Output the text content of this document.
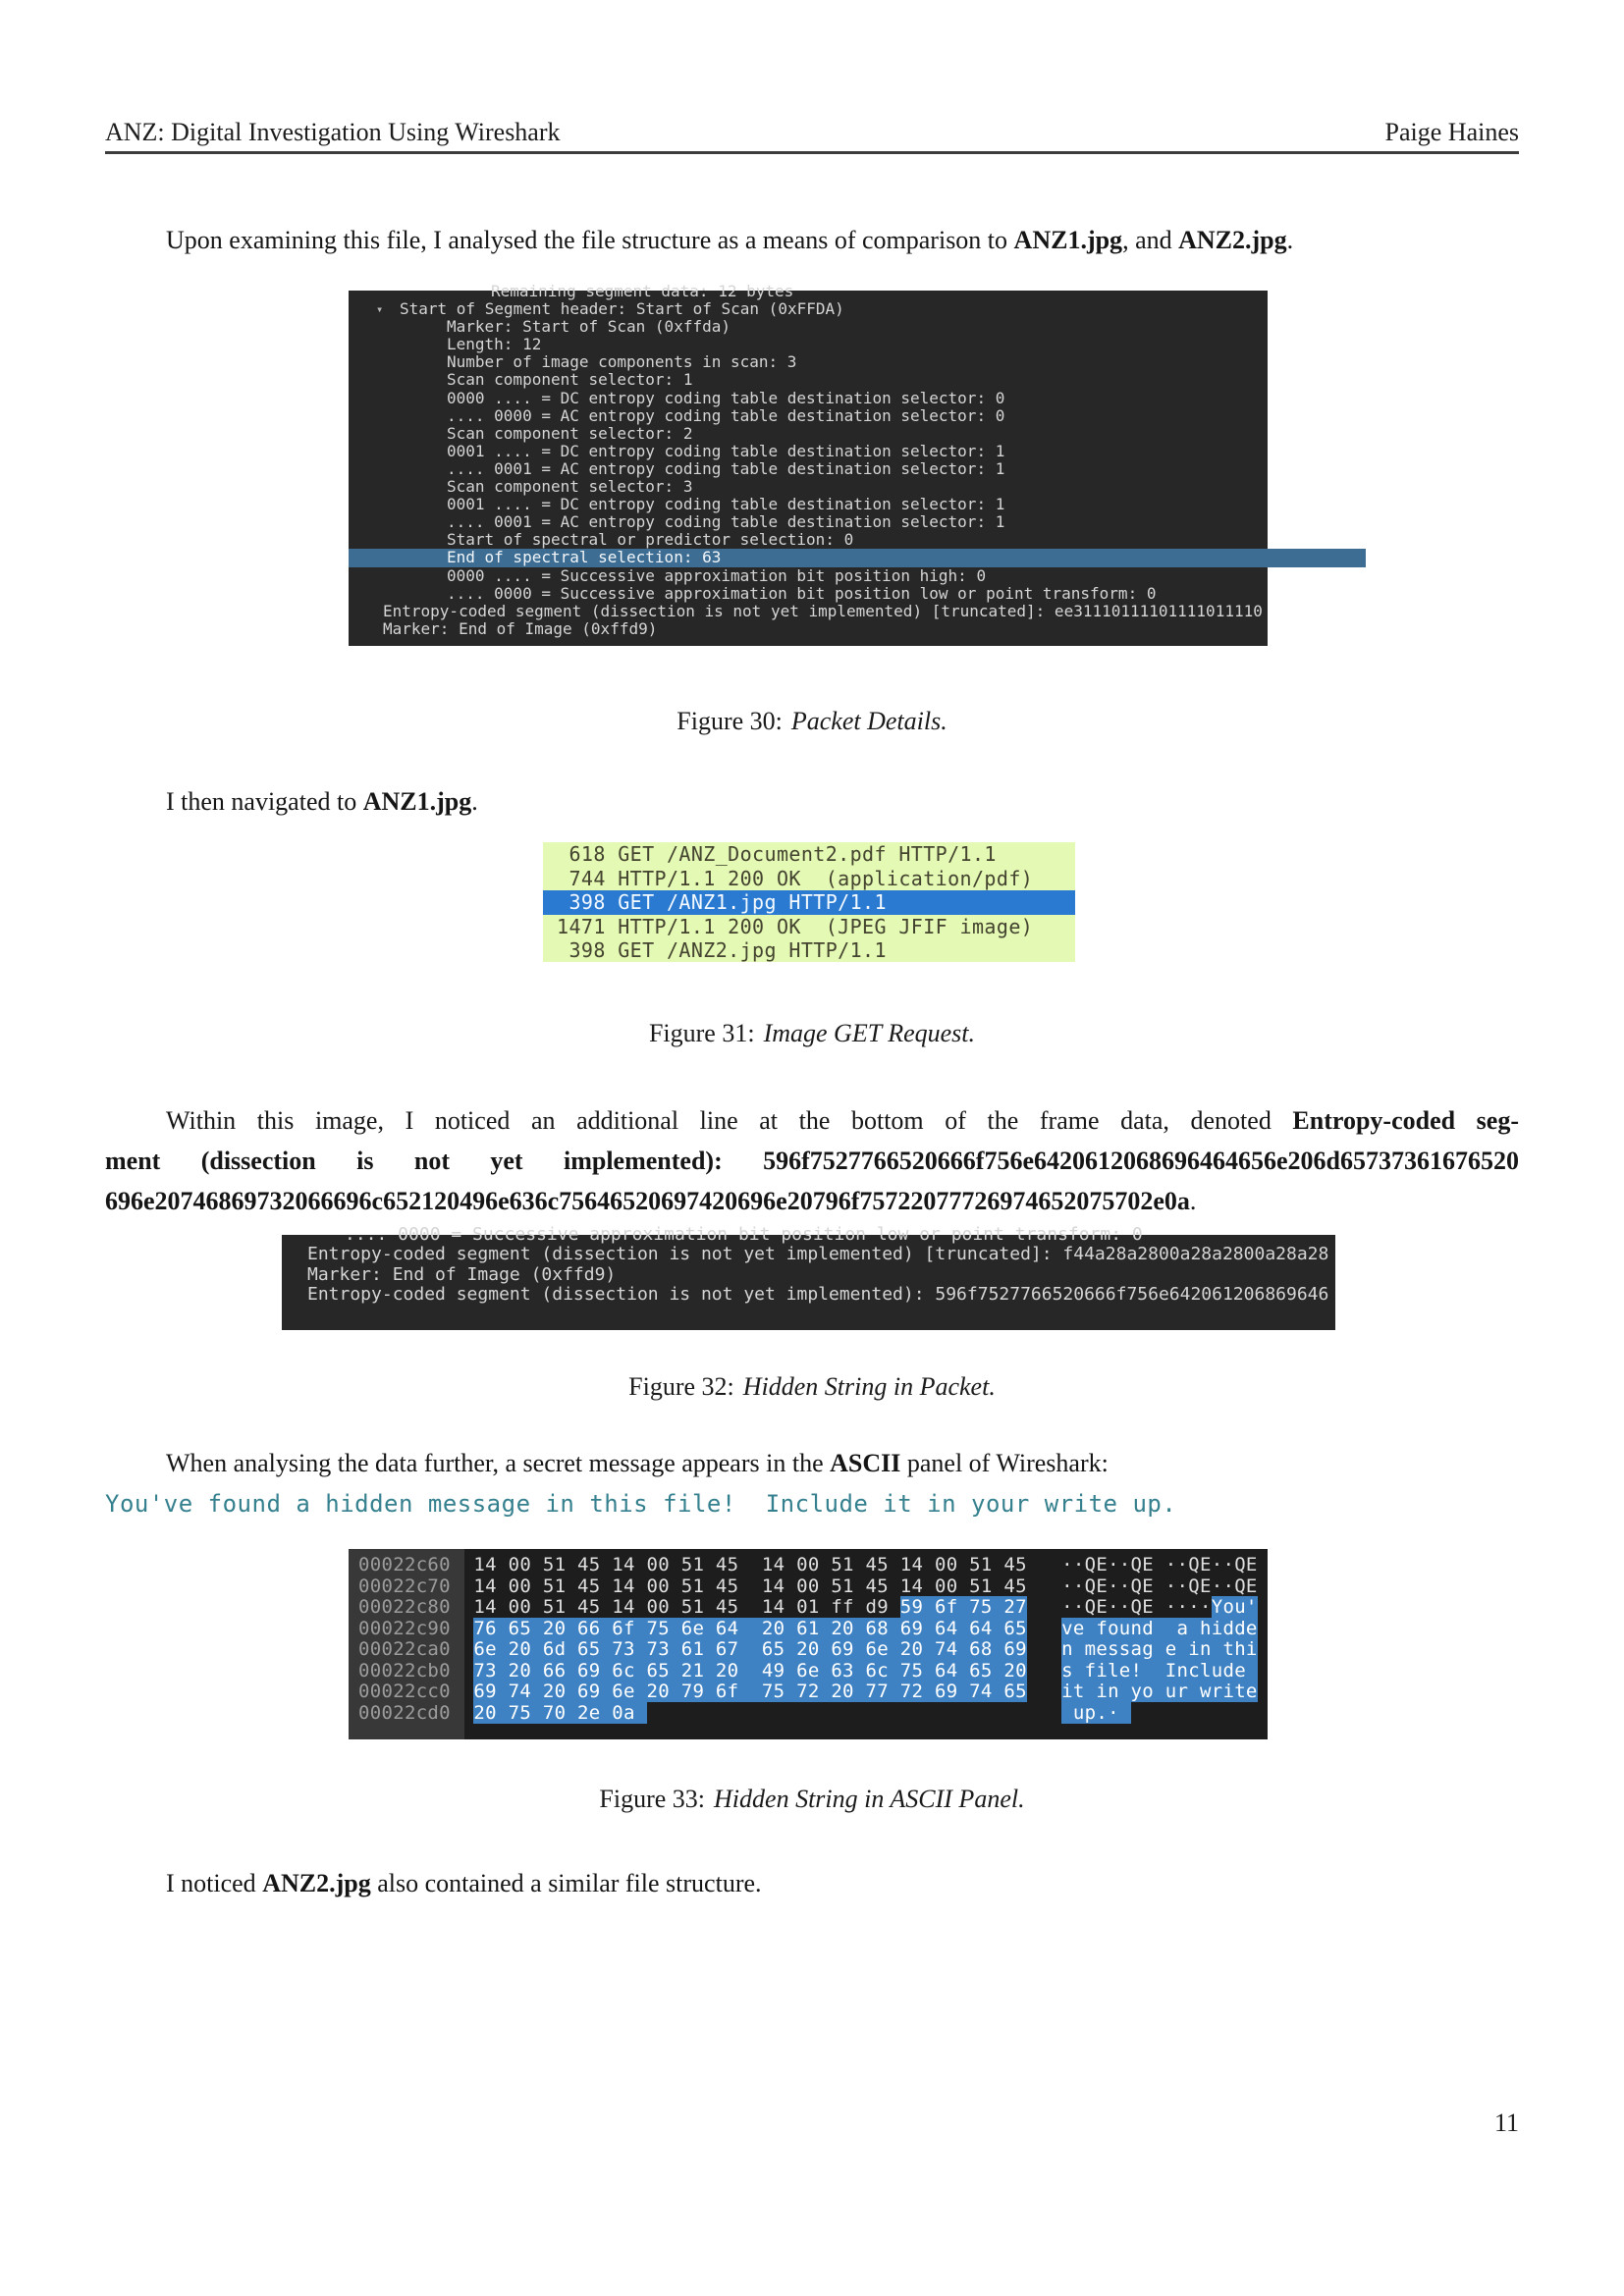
ANZ: Digital Investigation Using Wireshark	Paige Haines
Upon examining this file, I analysed the file structure as a means of comparison to ANZ1.jpg, and ANZ2.jpg.
Remaining segment data: 12 bytes
▾ Start of Segment header: Start of Scan (0xFFDA)
Marker: Start of Scan (0xffda)
Length: 12
Number of image components in scan: 3
Scan component selector: 1
0000 .... = DC entropy coding table destination selector: 0
.... 0000 = AC entropy coding table destination selector: 0
Scan component selector: 2
0001 .... = DC entropy coding table destination selector: 1
.... 0001 = AC entropy coding table destination selector: 1
Scan component selector: 3
0001 .... = DC entropy coding table destination selector: 1
.... 0001 = AC entropy coding table destination selector: 1
Start of spectral or predictor selection: 0
End of spectral selection: 63
0000 .... = Successive approximation bit position high: 0
.... 0000 = Successive approximation bit position low or point transform: 0
Entropy-coded segment (dissection is not yet implemented) [truncated]: ee31110111101111011110
Marker: End of Image (0xffd9)
Figure 30: Packet Details.
I then navigated to ANZ1.jpg.
618 GET /ANZ_Document2.pdf HTTP/1.1
744 HTTP/1.1 200 OK  (application/pdf)
398 GET /ANZ1.jpg HTTP/1.1
1471 HTTP/1.1 200 OK  (JPEG JFIF image)
398 GET /ANZ2.jpg HTTP/1.1
Figure 31: Image GET Request.
Within this image, I noticed an additional line at the bottom of the frame data, denoted Entropy-coded seg-
ment (dissection is not yet implemented): 596f7527766520666f756e6420612068696464656e206d65737361676520
696e20746869732066696c652120496e636c75646520697420696e20796f75722077726974652075702e0a.
.... 0000 = Successive approximation bit position low or point transform: 0
Entropy-coded segment (dissection is not yet implemented) [truncated]: f44a28a2800a28a2800a28a28
Marker: End of Image (0xffd9)
Entropy-coded segment (dissection is not yet implemented): 596f7527766520666f756e642061206869646
Figure 32: Hidden String in Packet.
When analysing the data further, a secret message appears in the ASCII panel of Wireshark:
You've found a hidden message in this file!  Include it in your write up.
00022c60 14 00 51 45 14 00 51 45  14 00 51 45 14 00 51 45 ··QE··QE ··QE··QE
00022c70 14 00 51 45 14 00 51 45  14 00 51 45 14 00 51 45 ··QE··QE ··QE··QE
00022c80 14 00 51 45 14 00 51 45  14 01 ff d9 59 6f 75 27 ··QE··QE ····You'
00022c90 76 65 20 66 6f 75 6e 64  20 61 20 68 69 64 64 65 ve found  a hidde
00022ca0 6e 20 6d 65 73 73 61 67  65 20 69 6e 20 74 68 69 n messag e in thi
00022cb0 73 20 66 69 6c 65 21 20  49 6e 63 6c 75 64 65 20 s file!  Include
00022cc0 69 74 20 69 6e 20 79 6f  75 72 20 77 72 69 74 65 it in yo ur write
00022cd0 20 75 70 2e 0a	up.·
Figure 33: Hidden String in ASCII Panel.
I noticed ANZ2.jpg also contained a similar file structure.
11
